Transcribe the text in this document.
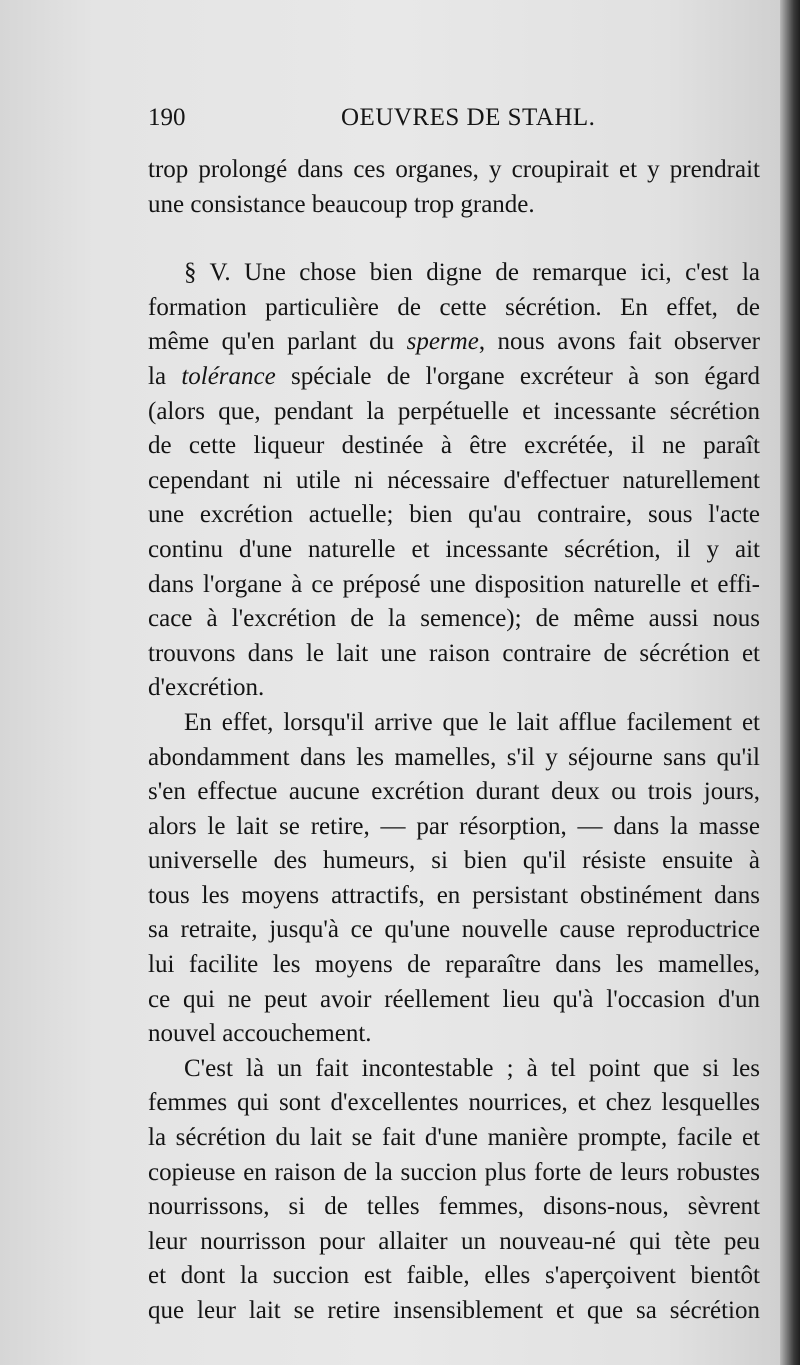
190	OEUVRES DE STAHL.

trop prolongé dans ces organes, y croupirait et y prendrait

une consistance beaucoup trop grande.

§ V. Une chose bien digne de remarque ici, c'est la

formation particulière de cette sécrétion. En effet, de

même qu'en parlant du sperme, nous avons fait observer

la tolérance spéciale de l'organe excréteur à son égard

(alors que, pendant la perpétuelle et incessante sécrétion

de cette liqueur destinée à être excrétée, il ne paraît

cependant ni utile ni nécessaire d'effectuer naturellement

une excrétion actuelle; bien qu'au contraire, sous l'acte

continu d'une naturelle et incessante sécrétion, il y ait

dans l'organe à ce préposé une disposition naturelle et effi-

cace à l'excrétion de la semence); de même aussi nous

trouvons dans le lait une raison contraire de sécrétion et

d'excrétion.

En effet, lorsqu'il arrive que le lait afflue facilement et

abondamment dans les mamelles, s'il y séjourne sans qu'il

s'en effectue aucune excrétion durant deux ou trois jours,

alors le lait se retire, — par résorption, — dans la masse

universelle des humeurs, si bien qu'il résiste ensuite à

tous les moyens attractifs, en persistant obstinément dans

sa retraite, jusqu'à ce qu'une nouvelle cause reproductrice

lui facilite les moyens de reparaître dans les mamelles,

ce qui ne peut avoir réellement lieu qu'à l'occasion d'un

nouvel accouchement.

C'est là un fait incontestable ; à tel point que si les

femmes qui sont d'excellentes nourrices, et chez lesquelles

la sécrétion du lait se fait d'une manière prompte, facile et

copieuse en raison de la succion plus forte de leurs robustes

nourrissons, si de telles femmes, disons-nous, sèvrent

leur nourrisson pour allaiter un nouveau-né qui tète peu

et dont la succion est faible, elles s'aperçoivent bientôt

que leur lait se retire insensiblement et que sa sécrétion
